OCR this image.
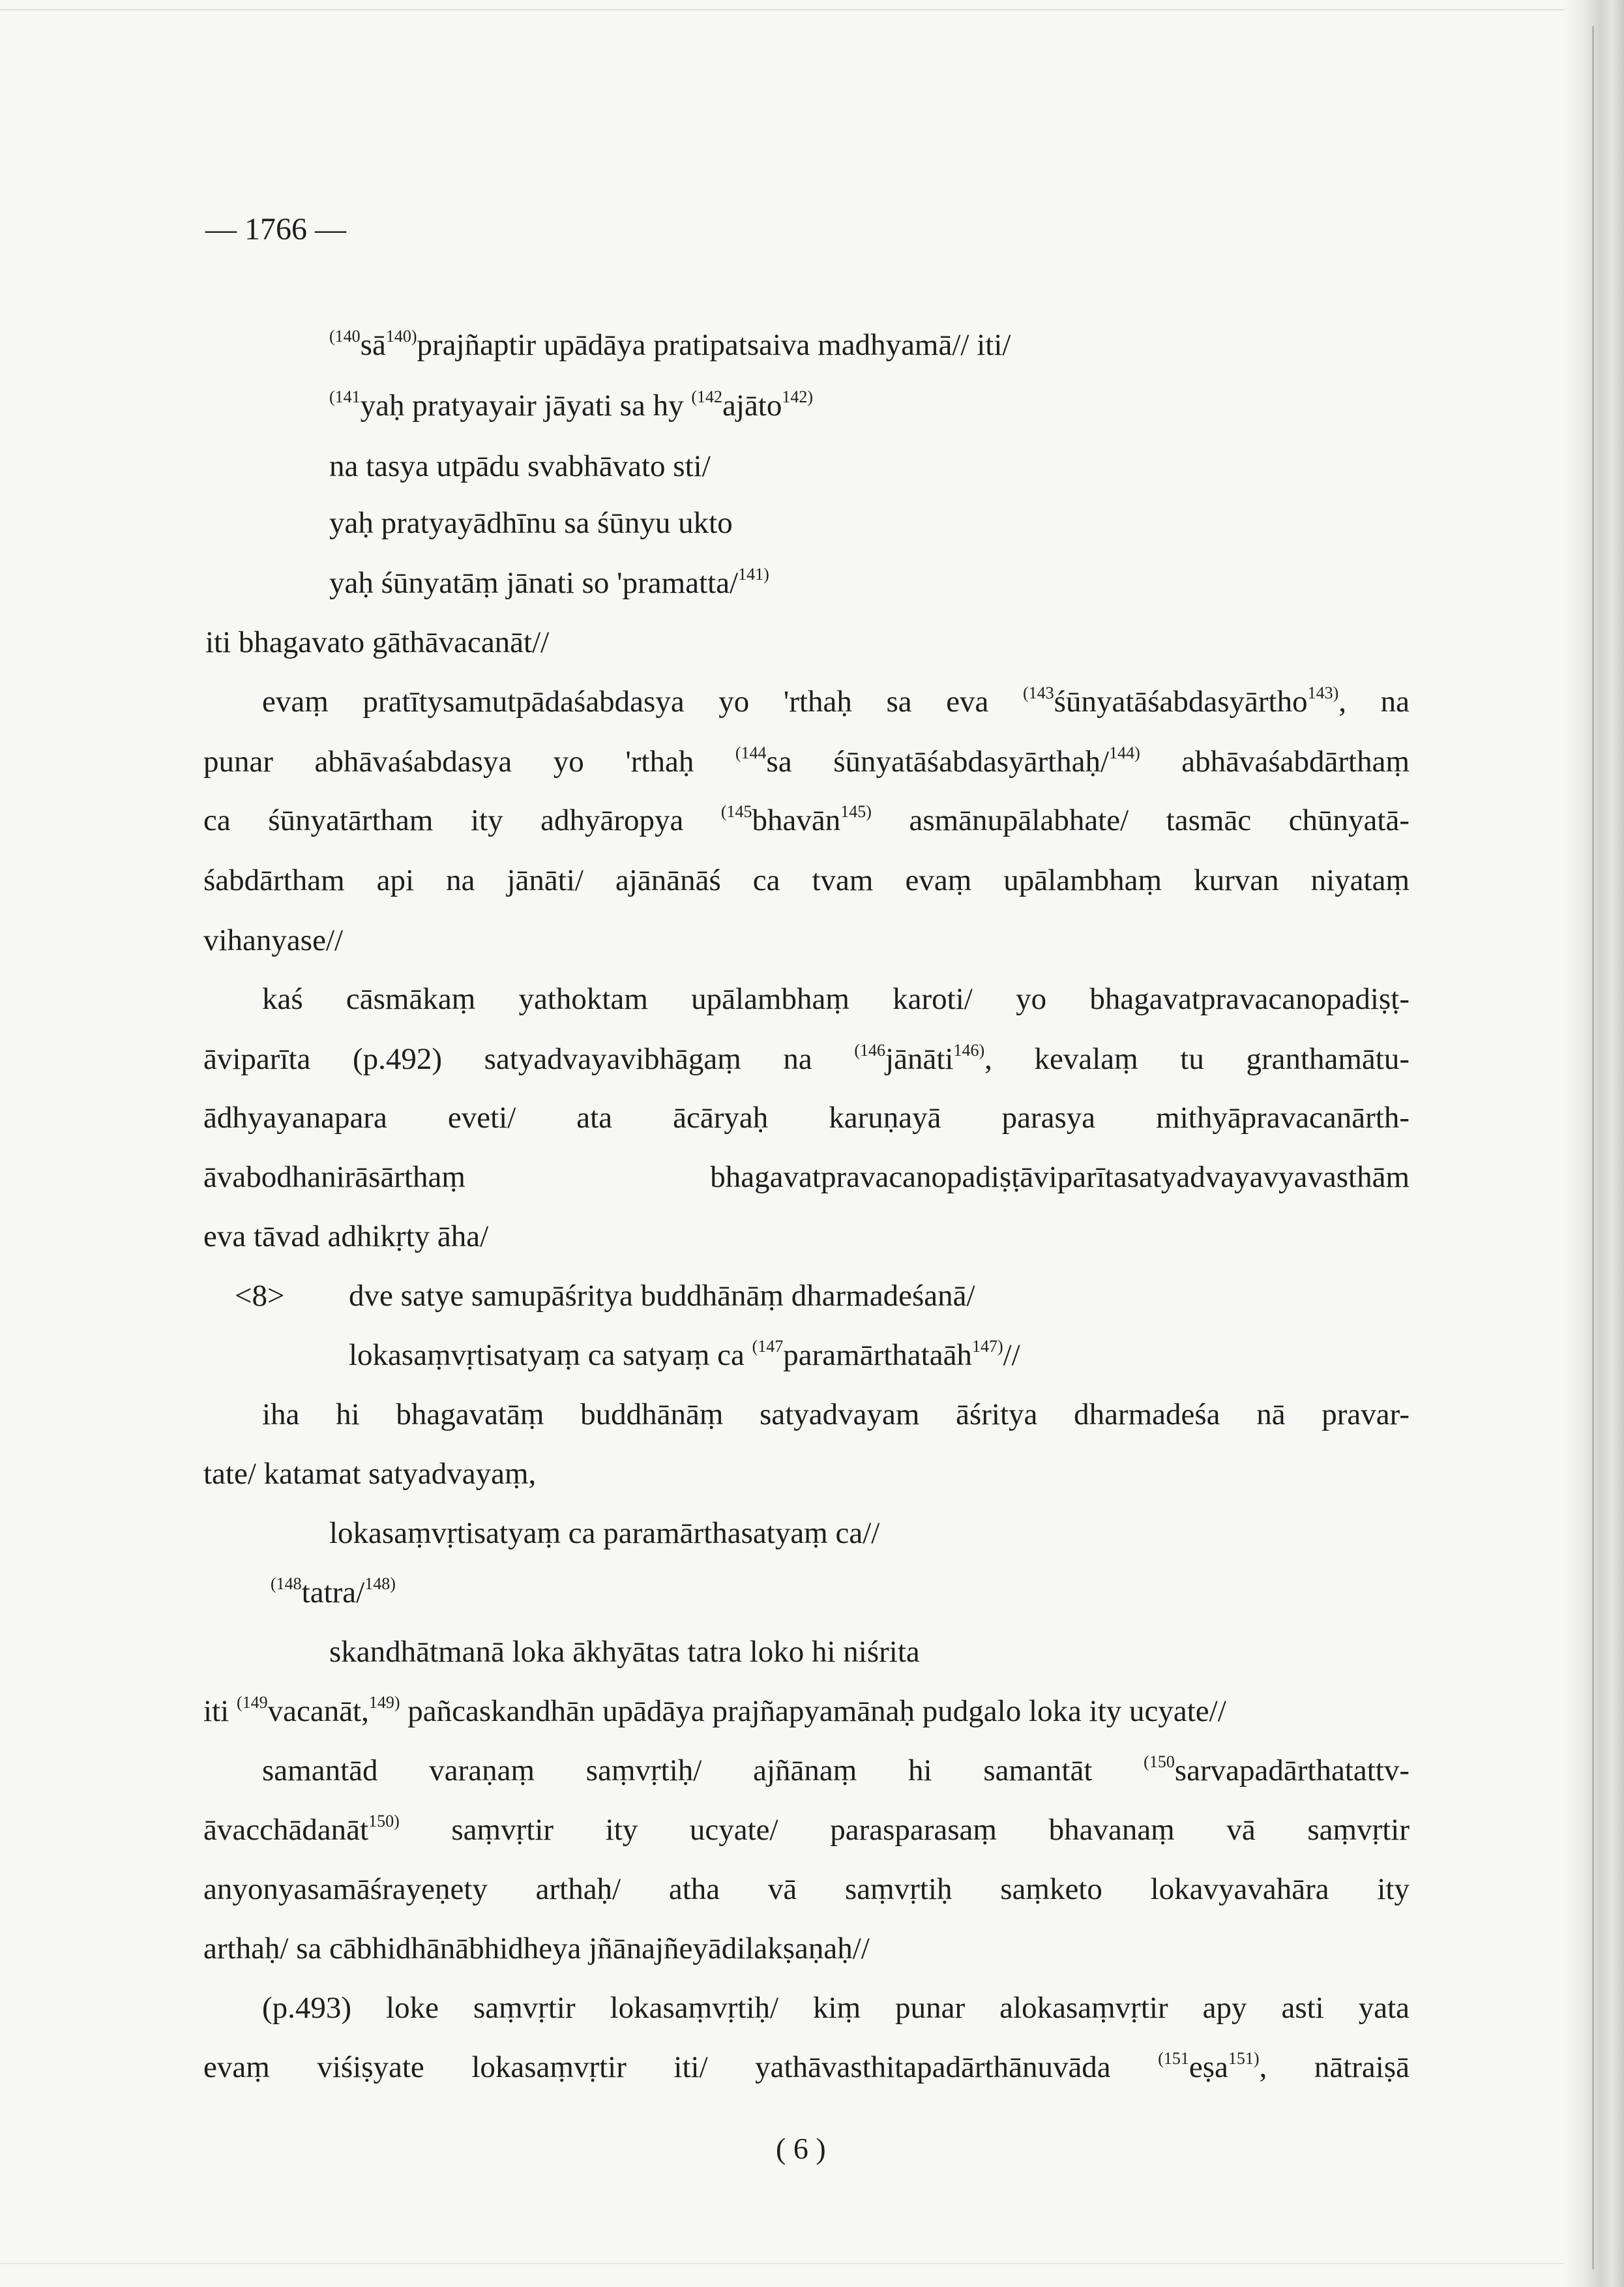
— 1766 —
$^{(140}$sā$^{140)}$prajñaptir upādāya pratipatsaiva madhyamā// iti/
$^{(141}$yaḥ pratyayair jāyati sa hy $^{(142}$ajāto$^{142)}$
na tasya utpādu svabhāvato sti/
yaḥ pratyayādhīnu sa śūnyu ukto
yaḥ śūnyatāṃ jānati so 'pramatta/$^{141)}$
iti bhagavato gāthāvacanāt//
evaṃ pratītysamutpādaśabdasya yo 'rthaḥ sa eva $^{(143}$śūnyatāśabdasyārtho$^{143)}$, na
punar abhāvaśabdasya yo 'rthaḥ $^{(144}$sa śūnyatāśabdasyārthaḥ/$^{144)}$ abhāvaśabdārthaṃ
ca śūnyatārtham ity adhyāropya $^{(145}$bhavān$^{145)}$ asmānupālabhate/ tasmāc chūnyatā-
śabdārtham api na jānāti/ ajānānāś ca tvam evaṃ upālambhaṃ kurvan niyataṃ
vihanyase//
kaś cāsmākaṃ yathoktam upālambhaṃ karoti/ yo bhagavatpravacanopadiṣṭ-
āviparīta (p.492) satyadvayavibhāgaṃ na $^{(146}$jānāti$^{146)}$, kevalaṃ tu granthamātu-
ādhyayanapara eveti/ ata ācāryaḥ karuṇayā parasya mithyāpravacanārth-
āvabodhanirāsārthaṃ bhagavatpravacanopadiṣṭāviparītasatyadvayavyavasthām
eva tāvad adhikṛty āha/
<8> dve satye samupāśritya buddhānāṃ dharmadeśanā/
lokasaṃvṛtisatyaṃ ca satyaṃ ca $^{(147}$paramārthataāh$^{147)}$//
iha hi bhagavatāṃ buddhānāṃ satyadvayam āśritya dharmadeśa nā pravar-
tate/ katamat satyadvayaṃ,
lokasaṃvṛtisatyaṃ ca paramārthasatyaṃ ca//
$^{(148}$tatra/$^{148)}$
skandhātmanā loka ākhyātas tatra loko hi niśrita
iti $^{(149}$vacanāt,$^{149)}$ pañcaskandhān upādāya prajñapyamānaḥ pudgalo loka ity ucyate//
samantād varaṇaṃ saṃvṛtiḥ/ ajñānaṃ hi samantāt $^{(150}$sarvapadārthatattv-
āvacchādanāt$^{150)}$ saṃvṛtir ity ucyate/ parasparasaṃ bhavanaṃ vā saṃvṛtir
anyonyasamāśrayeṇety arthaḥ/ atha vā saṃvṛtiḥ saṃketo lokavyavahāra ity
arthaḥ/ sa cābhidhānābhidheya jñānajñeyādilakṣaṇaḥ//
(p.493) loke saṃvṛtir lokasaṃvṛtiḥ/ kiṃ punar alokasaṃvṛtir apy asti yata
evaṃ viśiṣyate lokasaṃvṛtir iti/ yathāvasthitapadārthānuvāda $^{(151}$eṣa$^{151)}$, nātraiṣā
( 6 )
